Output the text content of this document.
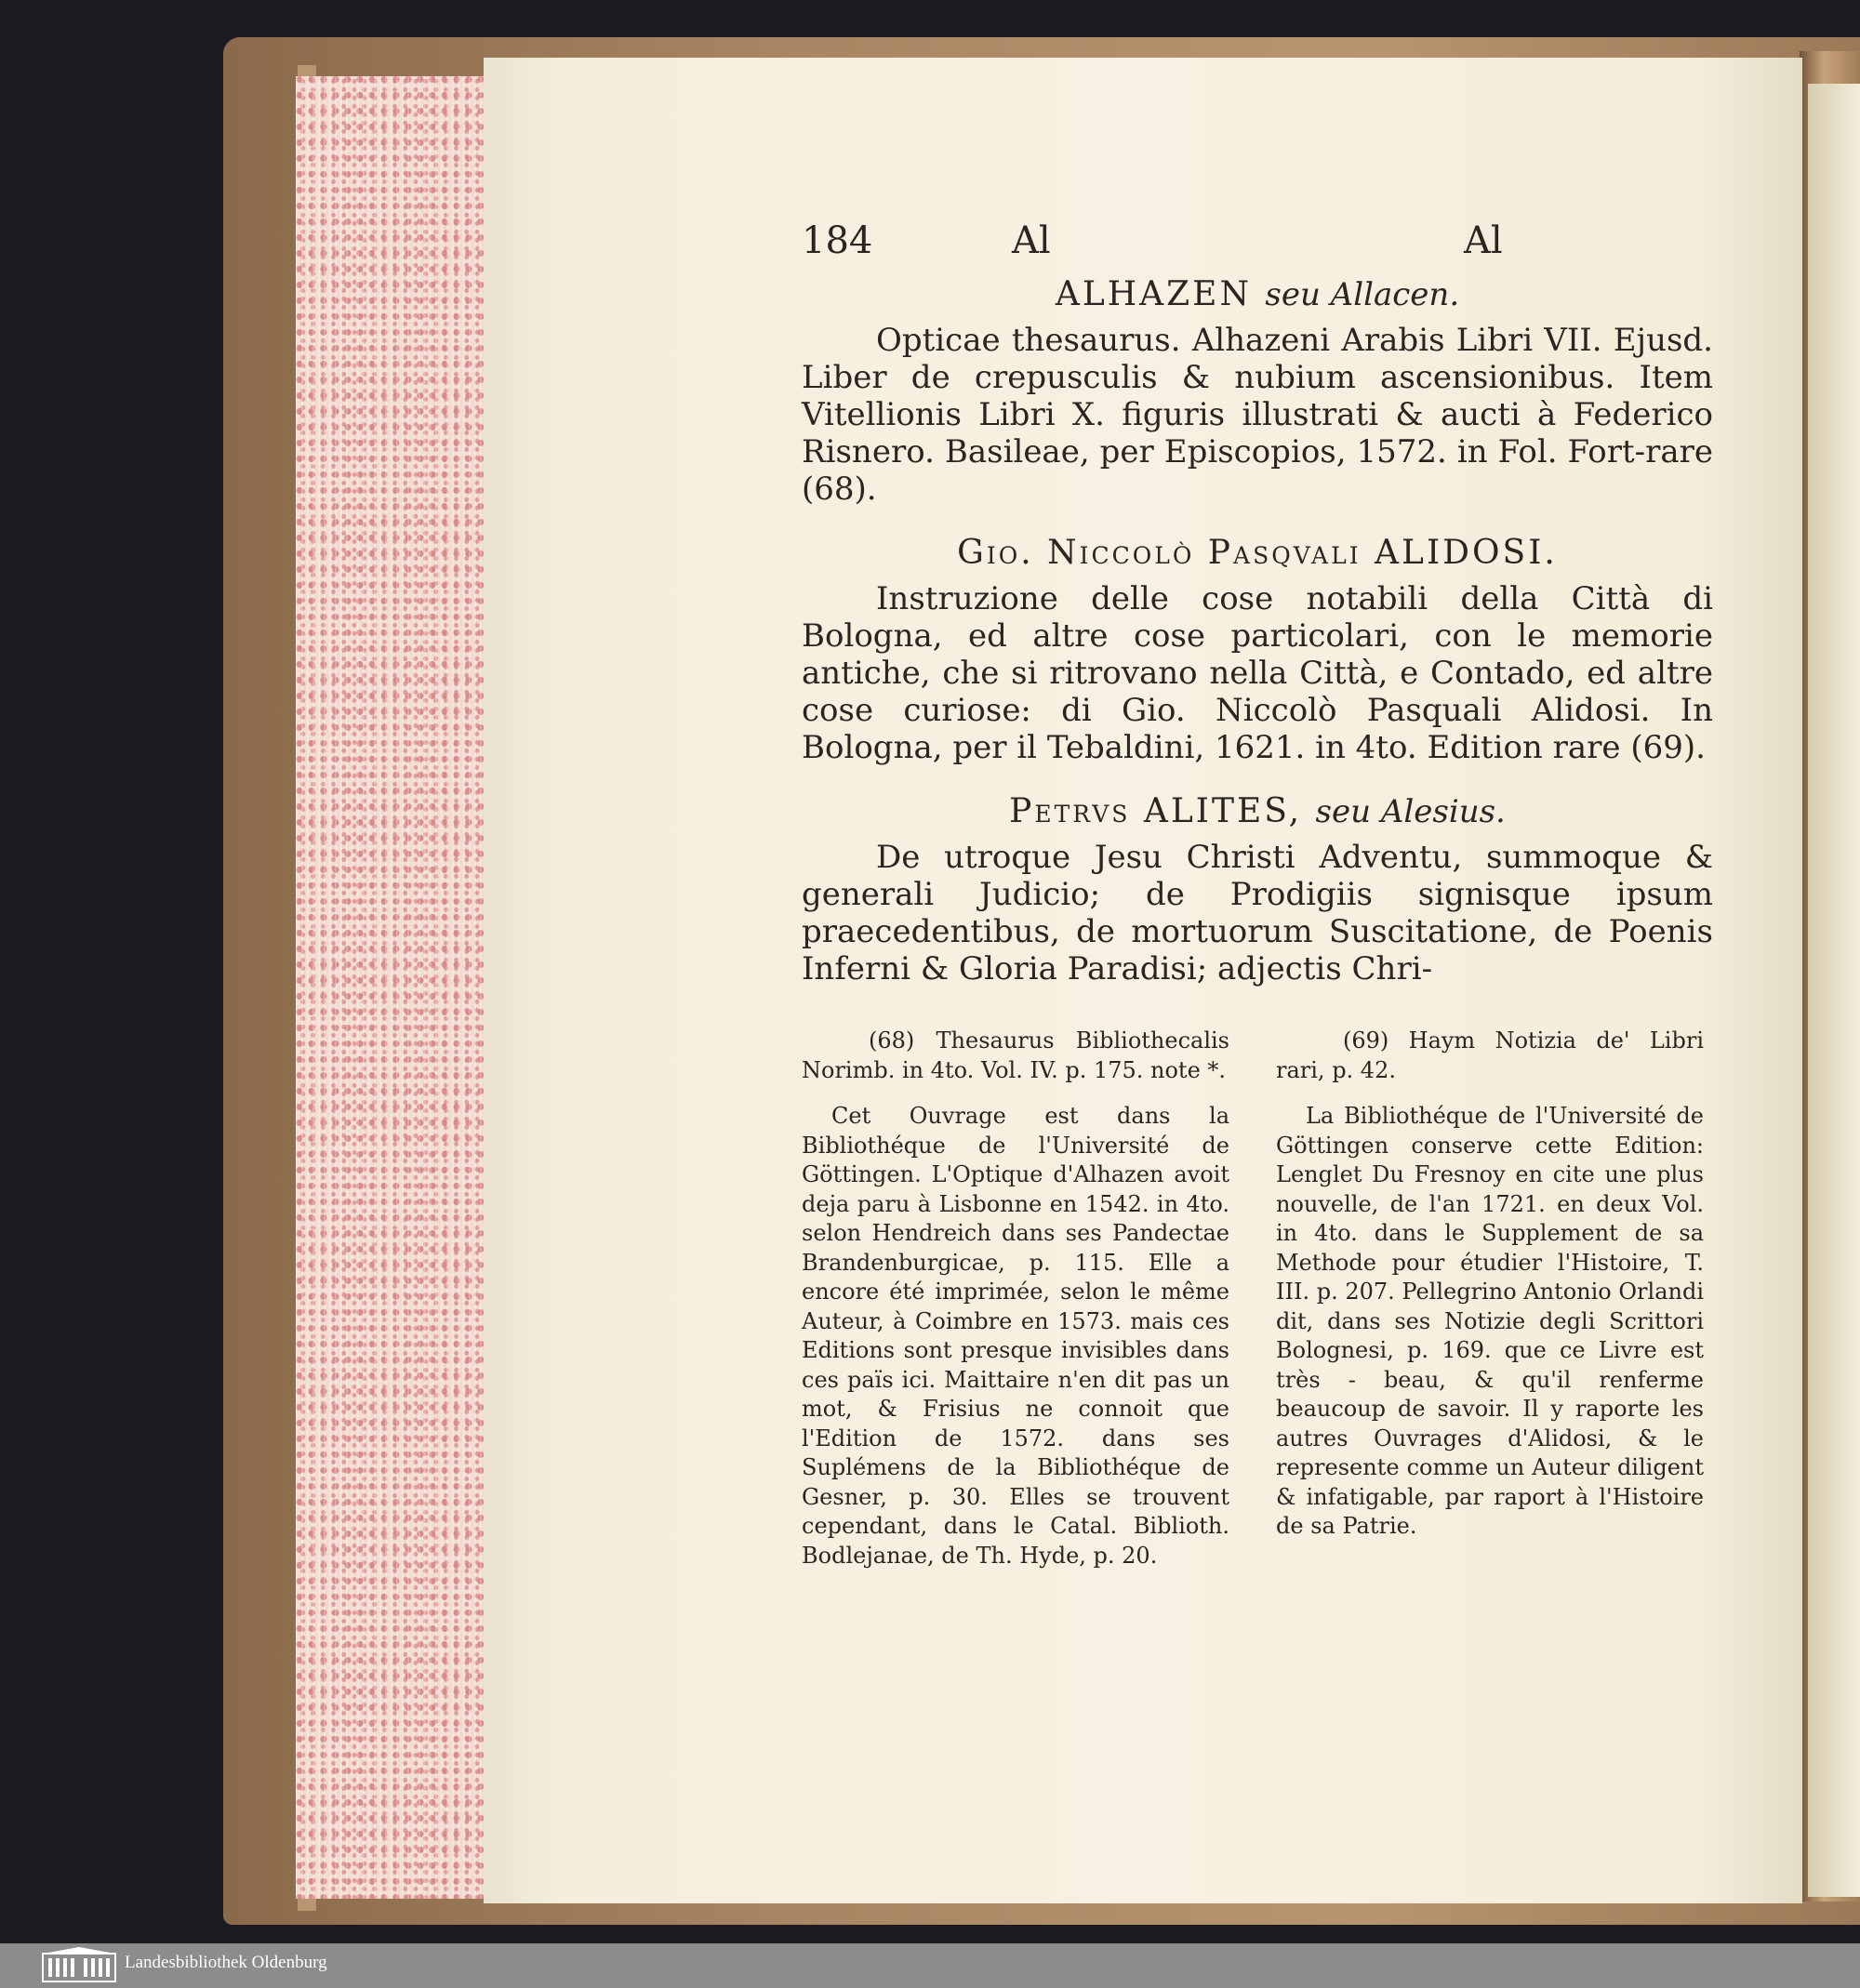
184	Al	Al
ALHAZEN seu Allacen.

Opticae thesaurus. Alhazeni Arabis Libri VII. Ejusd. Liber de crepusculis & nubium ascensionibus. Item Vitellionis Libri X. figuris illustrati & aucti à Federico Risnero. Basileae, per Episcopios, 1572. in Fol. Fort-rare (68).

Gio. Niccolò Pasqvali ALIDOSI.

Instruzione delle cose notabili della Città di Bologna, ed altre cose particolari, con le memorie antiche, che si ritrovano nella Città, e Contado, ed altre cose curiose: di Gio. Niccolò Pasquali Alidosi. In Bologna, per il Tebaldini, 1621. in 4to. Edition rare (69).

Petrvs ALITES, seu Alesius.

De utroque Jesu Christi Adventu, summoque & generali Judicio; de Prodigiis signisque ipsum praecedentibus, de mortuorum Suscitatione, de Poenis Inferni & Gloria Paradisi; adjectis Chri-

(68) Thesaurus Bibliothecalis Norimb. in 4to. Vol. IV. p. 175. note *.

Cet Ouvrage est dans la Bibliothéque de l'Université de Göttingen. L'Optique d'Alhazen avoit deja paru à Lisbonne en 1542. in 4to. selon Hendreich dans ses Pandectae Brandenburgicae, p. 115. Elle a encore été imprimée, selon le même Auteur, à Coimbre en 1573. mais ces Editions sont presque invisibles dans ces païs ici. Maittaire n'en dit pas un mot, & Frisius ne connoit que l'Edition de 1572. dans ses Suplémens de la Bibliothéque de Gesner, p. 30. Elles se trouvent cependant, dans le Catal. Biblioth. Bodlejanae, de Th. Hyde, p. 20.

(69) Haym Notizia de' Libri rari, p. 42.

La Bibliothéque de l'Université de Göttingen conserve cette Edition: Lenglet Du Fresnoy en cite une plus nouvelle, de l'an 1721. en deux Vol. in 4to. dans le Supplement de sa Methode pour étudier l'Histoire, T. III. p. 207. Pellegrino Antonio Orlandi dit, dans ses Notizie degli Scrittori Bolognesi, p. 169. que ce Livre est très - beau, & qu'il renferme beaucoup de savoir. Il y raporte les autres Ouvrages d'Alidosi, & le represente comme un Auteur diligent & infatigable, par raport à l'Histoire de sa Patrie.

Landesbibliothek Oldenburg
